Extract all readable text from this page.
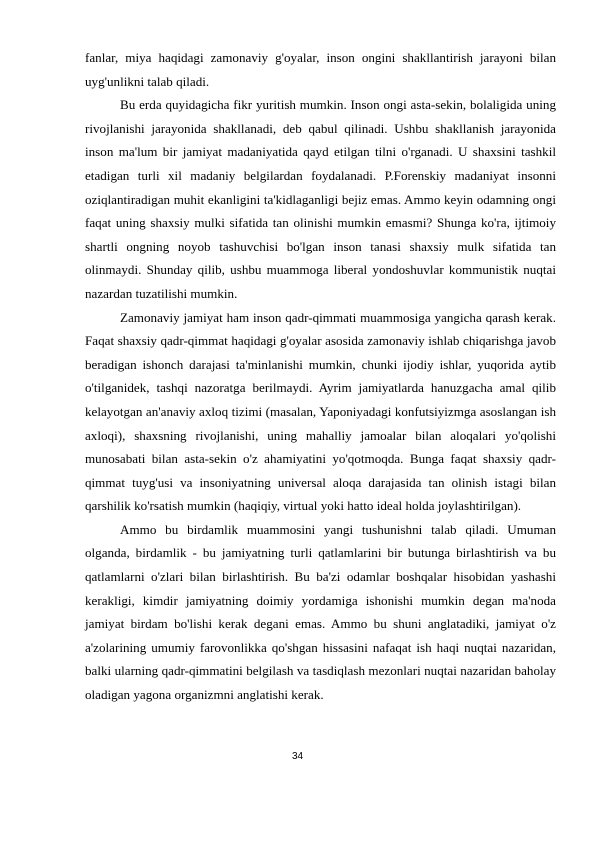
fanlar, miya haqidagi zamonaviy g'oyalar, inson ongini shakllantirish jarayoni bilan uyg'unlikni talab qiladi.

Bu erda quyidagicha fikr yuritish mumkin. Inson ongi asta-sekin, bolaligida uning rivojlanishi jarayonida shakllanadi, deb qabul qilinadi. Ushbu shakllanish jarayonida inson ma'lum bir jamiyat madaniyatida qayd etilgan tilni o'rganadi. U shaxsini tashkil etadigan turli xil madaniy belgilardan foydalanadi. P.Forenskiy madaniyat insonni oziqlantiradigan muhit ekanligini ta'kidlaganligi bejiz emas. Ammo keyin odamning ongi faqat uning shaxsiy mulki sifatida tan olinishi mumkin emasmi? Shunga ko'ra, ijtimoiy shartli ongning noyob tashuvchisi bo'lgan inson tanasi shaxsiy mulk sifatida tan olinmaydi. Shunday qilib, ushbu muammoga liberal yondoshuvlar kommunistik nuqtai nazardan tuzatilishi mumkin.

Zamonaviy jamiyat ham inson qadr-qimmati muammosiga yangicha qarash kerak. Faqat shaxsiy qadr-qimmat haqidagi g'oyalar asosida zamonaviy ishlab chiqarishga javob beradigan ishonch darajasi ta'minlanishi mumkin, chunki ijodiy ishlar, yuqorida aytib o'tilganidek, tashqi nazoratga berilmaydi. Ayrim jamiyatlarda hanuzgacha amal qilib kelayotgan an'anaviy axloq tizimi (masalan, Yaponiyadagi konfutsiyizmga asoslangan ish axloqi), shaxsning rivojlanishi, uning mahalliy jamoalar bilan aloqalari yo'qolishi munosabati bilan asta-sekin o'z ahamiyatini yo'qotmoqda. Bunga faqat shaxsiy qadr-qimmat tuyg'usi va insoniyatning universal aloqa darajasida tan olinish istagi bilan qarshilik ko'rsatish mumkin (haqiqiy, virtual yoki hatto ideal holda joylashtirilgan).

Ammo bu birdamlik muammosini yangi tushunishni talab qiladi. Umuman olganda, birdamlik - bu jamiyatning turli qatlamlarini bir butunga birlashtirish va bu qatlamlarni o'zlari bilan birlashtirish. Bu ba'zi odamlar boshqalar hisobidan yashashi kerakligi, kimdir jamiyatning doimiy yordamiga ishonishi mumkin degan ma'noda jamiyat birdam bo'lishi kerak degani emas. Ammo bu shuni anglatadiki, jamiyat o'z a'zolarining umumiy farovonlikka qo'shgan hissasini nafaqat ish haqi nuqtai nazaridan, balki ularning qadr-qimmatini belgilash va tasdiqlash mezonlari nuqtai nazaridan baholay oladigan yagona organizmni anglatishi kerak.

34
